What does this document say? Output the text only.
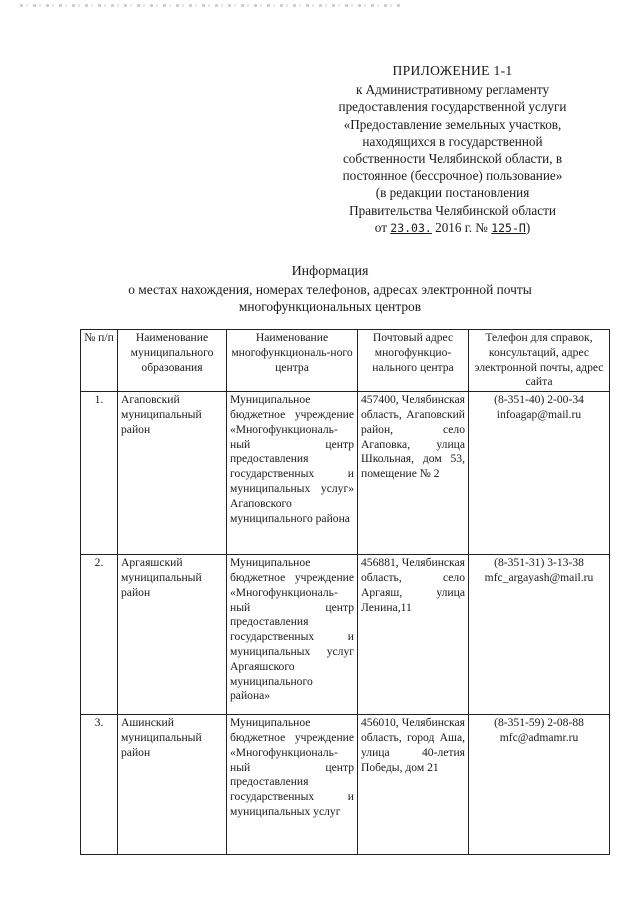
ПРИЛОЖЕНИЕ 1-1
к Административному регламенту
предоставления государственной услуги
«Предоставление земельных участков,
находящихся в государственной
собственности Челябинской области, в
постоянное (бессрочное) пользование»
(в редакции постановления
Правительства Челябинской области
от 23.03. 2016 г. № 125-П)
Информация
о местах нахождения, номерах телефонов, адресах электронной почты
многофункциональных центров
№ п/п	Наименование муниципального образования	Наименование многофункциональ-ного центра	Почтовый адрес многофункцио-нального центра	Телефон для справок, консультаций, адрес электронной почты, адрес сайта
1.	Агаповский муниципальный район	Муниципальное бюджетное учреждение «Многофункциональ-ный центр предоставления государственных и муниципальных услуг» Агаповского муниципального района	457400, Челябинская область, Агаповский район, село Агаповка, улица Школьная, дом 53, помещение № 2	(8-351-40) 2-00-34
infoagap@mail.ru

2.	Аргаяшский муниципальный район	Муниципальное бюджетное учреждение «Многофункциональ-ный центр предоставления государственных и муниципальных услуг Аргаяшского муниципального района»	456881, Челябинская область, село Аргаяш, улица Ленина,11	(8-351-31) 3-13-38
mfc_argayash@mail.ru

3.	Ашинский муниципальный район	Муниципальное бюджетное учреждение «Многофункциональ-ный центр предоставления государственных и муниципальных услуг	456010, Челябинская область, город Аша, улица 40-летия Победы, дом 21	(8-351-59) 2-08-88
mfc@admamr.ru
